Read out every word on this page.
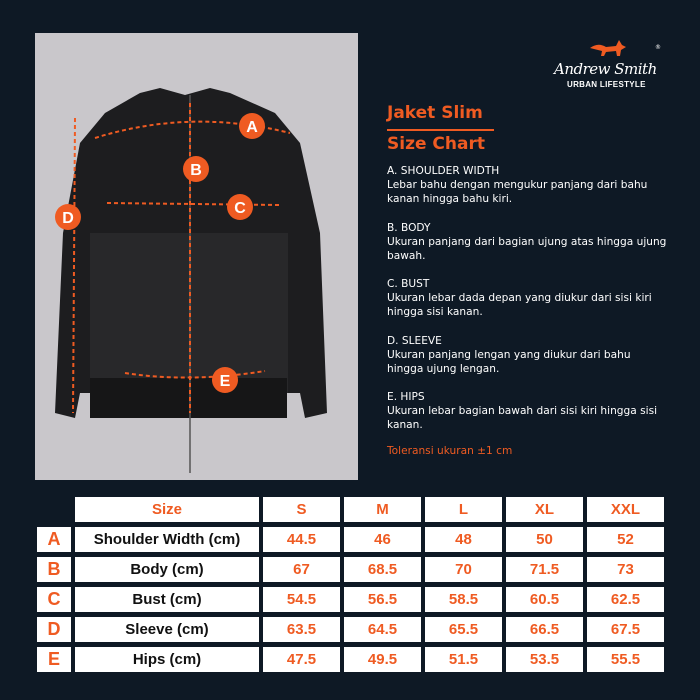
A
B
C
D
E
®
Andrew Smith
URBAN LIFESTYLE
Jaket Slim
Size Chart
A. SHOULDER WIDTH
Lebar bahu dengan mengukur panjang dari bahu kanan hingga bahu kiri.
B. BODY
Ukuran panjang dari bagian ujung atas hingga ujung bawah.
C. BUST
Ukuran lebar dada depan yang diukur dari sisi kiri hingga sisi kanan.
D. SLEEVE
Ukuran panjang lengan yang diukur dari bahu hingga ujung lengan.
E. HIPS
Ukuran lebar bagian bawah dari sisi kiri hingga sisi kanan.
Toleransi ukuran ±1 cm
	Size	S	M	L	XL	XXL
A	Shoulder Width (cm)	44.5	46	48	50	52
B	Body (cm)	67	68.5	70	71.5	73
C	Bust (cm)	54.5	56.5	58.5	60.5	62.5
D	Sleeve (cm)	63.5	64.5	65.5	66.5	67.5
E	Hips (cm)	47.5	49.5	51.5	53.5	55.5
